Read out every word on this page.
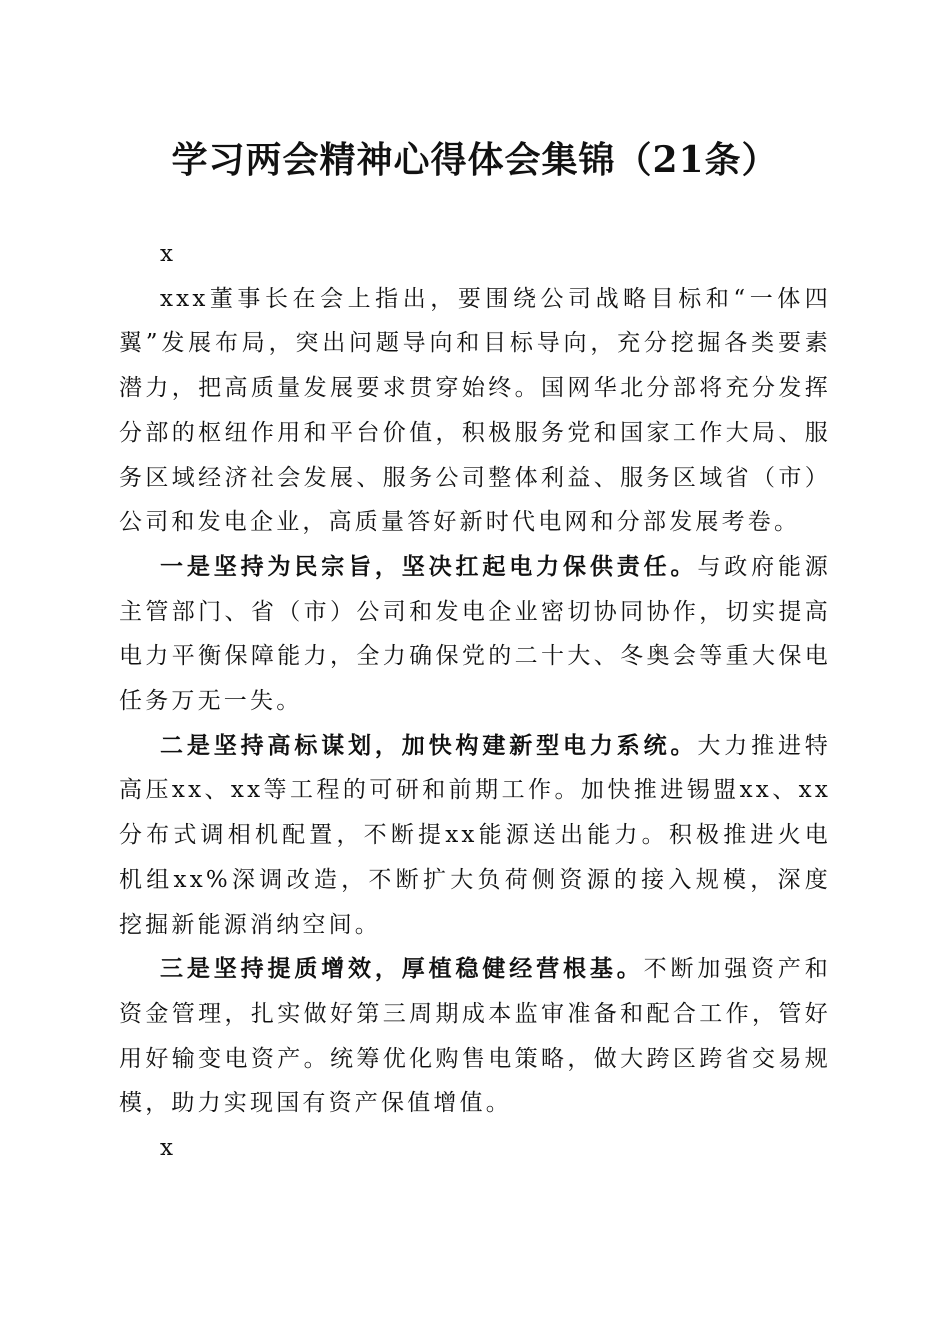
学习两会精神心得体会集锦（21条）

x

xxx董事长在会上指出，要围绕公司战略目标和“一体四翼”发展布局，突出问题导向和目标导向，充分挖掘各类要素潜力，把高质量发展要求贯穿始终。国网华北分部将充分发挥分部的枢纽作用和平台价值，积极服务党和国家工作大局、服务区域经济社会发展、服务公司整体利益、服务区域省（市）公司和发电企业，高质量答好新时代电网和分部发展考卷。

一是坚持为民宗旨，坚决扛起电力保供责任。与政府能源主管部门、省（市）公司和发电企业密切协同协作，切实提高电力平衡保障能力，全力确保党的二十大、冬奥会等重大保电任务万无一失。

二是坚持高标谋划，加快构建新型电力系统。大力推进特高压xx、xx等工程的可研和前期工作。加快推进锡盟xx、xx分布式调相机配置，不断提xx能源送出能力。积极推进火电机组xx%深调改造，不断扩大负荷侧资源的接入规模，深度挖掘新能源消纳空间。

三是坚持提质增效，厚植稳健经营根基。不断加强资产和资金管理，扎实做好第三周期成本监审准备和配合工作，管好用好输变电资产。统筹优化购售电策略，做大跨区跨省交易规模，助力实现国有资产保值增值。

x
